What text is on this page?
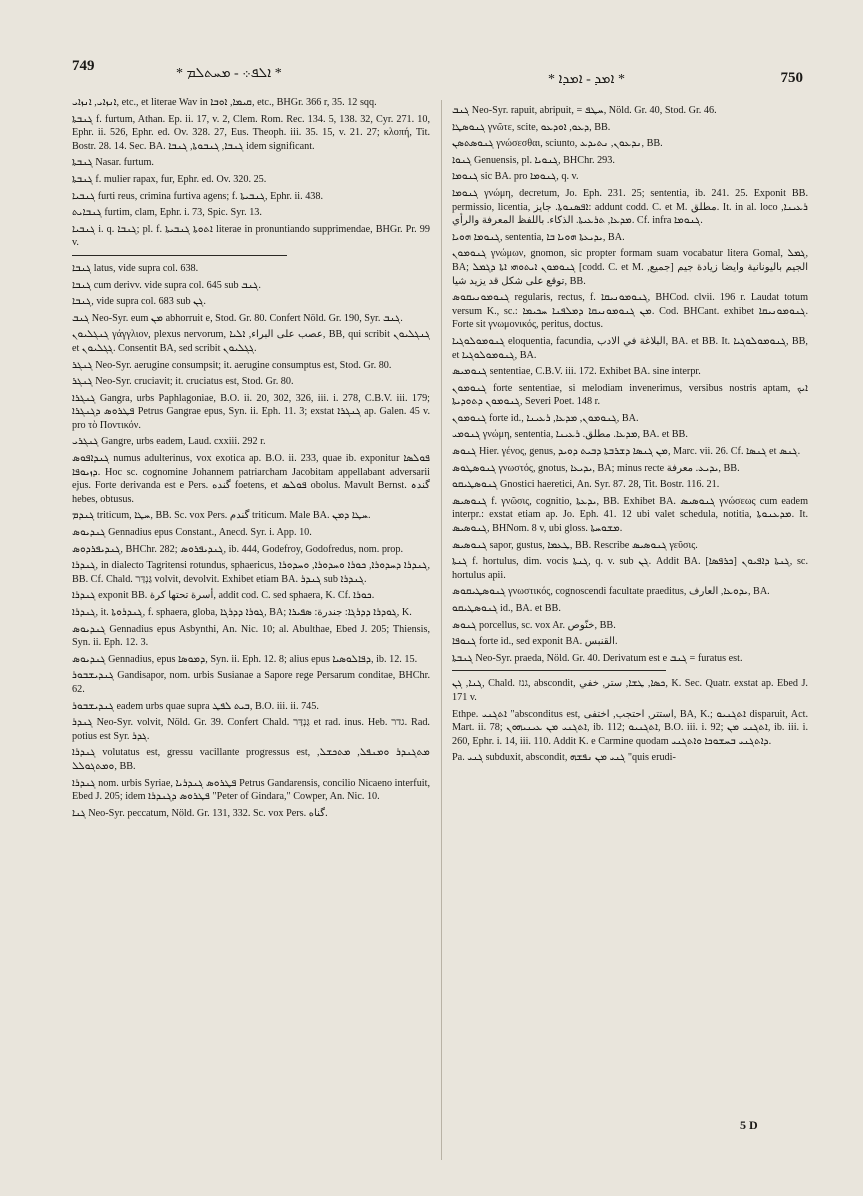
749	* ܐܠܦ܀ - ܡܚܬܠܡ *	* ܐܡܕ - ܐܡܕܐ *	750

ܐܢܙܐܝ, ܐܢܙܐܝ, etc., et literae Wav in ܩܝܡܐ, ܐܘܒܐ, etc., BHGr. 366 r, 35. 12 sqq.

ܓܢܒܬܐ f. furtum, Athan. Ep. ii. 17, v. 2, Clem. Rom. Rec. 134. 5, 138. 32, Cyr. 271. 10, Ephr. ii. 526, Ephr. ed. Ov. 328. 27, Eus. Theoph. iii. 35. 15, v. 21. 27; κλοπή, Tit. Bostr. 28. 14. Sec. BA. ܓܢܒܐ, ܓܢܒܘܬܐ, ܓܢܒܐ idem significant.

ܓܢܒܬܐ Nasar. furtum.

ܓܢܒܬܐ f. mulier rapax, fur, Ephr. ed. Ov. 320. 25.

ܓܢܒܝܐ furti reus, crimina furtiva agens; f. ܓܢܒܝܬܐ, Ephr. ii. 438.

ܓܢܒܐܝܬ furtim, clam, Ephr. i. 73, Spic. Syr. 13.

ܓܢܒܝܐ i. q. ܓܢܒܐ; pl. f. ܐܬܘܬܐ ܓܢܒܝܬܐ literae in pronuntiando supprimendae, BHGr. Pr. 99 v.

ܓܢܒܐ latus, vide supra col. 638.

ܓܢܒܐ cum derivv. vide supra col. 645 sub ܓܢܒ.

ܓܢܒܐ, vide supra col. 683 sub ܓܢ.

ܓܢܒ Neo-Syr. eum ܡܢ abhorruit e, Stod. Gr. 80. Confert Nöld. Gr. 190, Syr. ܓܢܒ.

ܓܢܓܠܝܘܢ γάγγλιον, plexus nervorum, عصب على البراء, ܐܠܝܐ, BB, qui scribit ܓܢܓܠܝܘܢ et ܓܓܠܝܘܢ. Consentit BA, sed scribit ܓܓܠܝܘܢ.

ܓܢܓܪ Neo-Syr. aerugine consumpsit; it. aerugine consumptus est, Stod. Gr. 80.

ܓܢܓܪ Neo-Syr. cruciavit; it. cruciatus est, Stod. Gr. 80.

ܓܢܓܪܐ Gangra, urbs Paphlagoniae, B.O. ii. 20, 302, 326, iii. i. 278, C.B.V. iii. 179; ܦܛܪܘܣ ܕܓܢܓܪܐ Petrus Gangrae epus, Syn. ii. Eph. 11. 3; exstat ܓܢܓܪܐ ap. Galen. 45 v. pro τὸ Ποντικόν.

ܓܢܓܪܝ Gangre, urbs eadem, Laud. cxxiii. 292 r.

ܓܢܕܐܦܘܣ numus adulterinus, vox exotica ap. B.O. ii. 233, quae ib. exponitur ܦܘܠܣܐ ܕܙܝܘܦܐ. Hoc sc. cognomine Johannem patriarcham Jacobitam appellabant adversarii ejus. Forte derivanda est e Pers. گنده foetens, et ܦܘܠܣ obolus. Mavult Bernst. گندہ hebes, obtusus.

ܓܢܕܡ triticum, ܚܛܐ, BB. Sc. vox Pers. گندم triticum. Male BA. ܚܛܐ ܕܡܢ.

ܓܢܕܝܘܣ Gennadius epus Constant., Anecd. Syr. i. App. 10.

ܓܢܕܝܦܪܕܘܣ, BHChr. 282; ܓܢܕܝܦܪܘܣ, ib. 444, Godefroy, Godofredus, nom. prop.

ܓܢܕܪܐ, in dialecto Tagritensi rotundus, sphaericus, ܓܢܕܪܐ ܕܚܕܘܪܐ, ܟܘܪܐ ܘܚܕܘܪܐ, ܘܚܕܘܪܐ, BB. Cf. Chald. גַּנְדַּר volvit, devolvit. Exhibet etiam BA. ܓܢܕܪ sub ܓܢܕܪܐ.

ܓܢܕܪܐ exponit BB. أسرة تحتها كرة, addit cod. C. sed sphaera, K. Cf. ܟܘܪܐ.

ܓܢܕܪܐ, it. ܓܢܕܪܘܬܐ, f. sphaera, globa, ܓܘܪܐ ܕܕܪܓܐ, BA; ܓܘܕܪܐ ܕܕܪܓܐ: جندرة: ܣܦܝܪܐ, K.

ܓܢܕܝܘܣ Gennadius epus Asbynthi, An. Nic. 10; al. Abulthae, Ebed J. 205; Thiensis, Syn. ii. Eph. 12. 3.

ܓܢܕܝܘܣ Gennadius, epus ܕܡܘܣܐ, Syn. ii. Eph. 12. 8; alius epus ܕܦܐܠܘܣܝܐ, ib. 12. 15.

ܓܢܕܝܫܒܘܪ Gandisapor, nom. urbis Susianae a Sapore rege Persarum conditae, BHChr. 62.

ܓܢܕܝܫܒܘܪ eadem urbs quae supra ܒܝܬ ܠܦܛ, B.O. iii. ii. 745.

ܓܢܕܪ Neo-Syr. volvit, Nöld. Gr. 39. Confert Chald. גַּנְדַּר et rad. inus. Heb. גדר. Rad. potius est Syr. ܓܕܪ.

ܓܢܕܪܐ volutatus est, gressu vacillante progressus est, ܡܬܓܢܕܪ ܘܡܢܦܠ, ܡܬܟܫܠ, ܘܡܬܓܘܠܠ, BB.

ܓܢܕܪܐ nom. urbis Syriae, ܦܛܪܘܣ ܓܢܕܪܝܐ Petrus Gandarensis, concilio Nicaeno interfuit, Ebed J. 205; idem ܦܛܪܘܣ ܕܓܢܕܪܐ "Peter of Gindara," Cowper, An. Nic. 10.

ܓܢܐ Neo-Syr. peccatum, Nöld. Gr. 131, 332. Sc. vox Pers. گناه.

ܓܢܒ Neo-Syr. rapuit, abripuit, = ܚܛܦ, Nöld. Gr. 40, Stod. Gr. 46.

ܓܢܘܣܛܐ γνῶτε, scite, ܕܥܘ, ܐܘܕܥܘ, BB.

ܓܢܘܣܬܣܢ γνώσεσθαι, sciunto, ܢܕܥܘܢ, ܢܬܝܕܥ, BB.

ܓܢܘܐ Genuensis, pl. ܓܢܘܝܐ, BHChr. 293.

ܓܢܘܡܐ sic BA. pro ܓܢܘܡܐ, q. v.

ܓܢܘܡܐ γνώμη, decretum, Jo. Eph. 231. 25; sententia, ib. 241. 25. Exponit BB. permissio, licentia, ܐܦܣܢܘܬܐ. جايز: addunt codd. C. et M. مطلق. It. in al. loco ܪܥܝܢܐ, ܡܕܥܐ, ܬܪܥܝܬܐ. الذكاء. باللفظ المعرفة والرأي. Cf. infra ܓܢܘܡܐ.

ܓܢܘܡܐ ܗܘܝܐ, sententia, ܝܕܝܥܬܐ ܗܘܝܐ ܒܐ, BA.

ܓܢܘܡܘܢ γνώμων, gnomon, sic propter formam suam vocabatur litera Gomal, ܓܡܠ, BA; ܓܢܘܡܘܢ ܐܝܬܘܗܝ ܐܬܐ ܕܓܡܠ [codd. C. et M. الجيم باليونانية وايضا زيادة جيم [جميع, توقع على شكل قد يزيد شيا, BB.

ܓܢܘܡܘܢܝܩܘܣ regularis, rectus, f. ܓܢܘܡܘܢܝܩܐ, BHCod. clvii. 196 r. Laudat totum versum K., sc.: ܡܢ ܓܢܘܡܘܢܝܩܐ ܕܡܠܦܢܐ ܚܟܝܡܐ. Cod. BHCant. exhibet ܓܢܘܡܘܢܝܩܐ. Forte sit γνωμονικός, peritus, doctus.

ܓܢܘܡܘܠܘܓܝܐ eloquentia, facundia, البلاغة في الادب, BA. et BB. It. ܓܢܘܡܘܠܘܓܝܐ, BB, et ܓܢܘܡܘܠܘܓܝܐ, BA.

ܓܢܘܡܝܣ sententiae, C.B.V. iii. 172. Exhibet BA. sine interpr.

ܓܢܘܡܘܢ forte sententiae, si melodiam invenerimus, versibus nostris aptam, ܐܝܟ ܓܢܘܡܘܢ ܕܬܘܕܝܬܐ, Severi Poet. 148 r.

ܓܢܘܡܘܢ forte id., ܓܢܘܡܘܢ, ܡܕܥܐ, ܪܥܝܢܐ, BA.

ܓܢܘܡܝ γνώμη, sententia, ܡܕܥܐ. مطلق. ܪܥܝܢܐ, BA. et BB.

ܓܢܘܣ Hier. γένος, genus, ܡܢ ܓܢܣܐ ܕܫܪܒܬܐ ܕܒܝܬ ܕܘܝܕ, Marc. vii. 26. Cf. ܓܢܣܐ et ܓܢܣ.

ܓܢܘܣܛܘܣ γνωστός, gnotus, ܝܕܝܥܐ, BA; minus recte ܝܕܝܥ. معرفة, BB.

ܓܢܘܣܛܝܩܘ Gnostici haeretici, An. Syr. 87. 28, Tit. Bostr. 116. 21.

ܓܢܘܣܝܣ f. γνῶσις, cognitio, ܝܕܥܬܐ, BB. Exhibet BA. ܓܢܘܣܝܣ γνώσεως cum eadem interpr.: exstat etiam ap. Jo. Eph. 41. 12 ubi valet schedula, notitia, ܡܕܥܢܘܬܐ. It. ܓܢܘܣܝܣ, BHNom. 8 v, ubi gloss. ܡܫܘܚܬܐ.

ܓܢܘܣܝܣ sapor, gustus, ܛܥܡܐ, BB. Rescribe ܓܢܘܣܝܣ γεῦσις.

ܓܢܬܐ f. hortulus, dim. vocis ܓܢܬܐ, q. v. sub ܓܢ. Addit BA. ܓܢܬܐ ܕܐܦܝܘܢ [ܟܪܦܣܐ], sc. hortulus apii.

ܓܢܘܣܛܝܩܘܣ γνωστικός, cognoscendi facultate praeditus, ܝܕܘܥܐ, العارف, BA.

ܓܢܘܣܛܝܩܘ id., BA. et BB.

ܓܢܘܣ porcellus, sc. vox Ar. خنّوص, BB.

ܓܢܘܦܐ forte id., sed exponit BA. القنبس.

ܓܢܒܬܐ Neo-Syr. praeda, Nöld. Gr. 40. Derivatum est e ܓܢܒ = furatus est.

ܓܢܐ, ܓܢ, Chald. גנז, abscondit, ܟܣܐ, ܛܫܐ, ستر, خفي, K. Sec. Quatr. exstat ap. Ebed J. 171 v.

Ethpe. ܐܬܓܢܝ "absconditus est, استتر, احتجب, اختفى, BA, K.; ܐܬܓܢܝܘ disparuit, Act. Mart. ii. 78; ܐܬܓܢܝ ܡܢ ܥܝܢܝܗܘܢ, ib. 112; ܐܬܓܢܝܘ, B.O. iii. i. 92; ܐܬܓܢܝ ܡܢ, ib. iii. i. 260, Ephr. i. 14, iii. 110. Addit K. e Carmine quodam ܕܐܬܓܢܝ ܒܚܫܘܟܐ ܘܐܬܓܢܝ.

Pa. ܓܢܝ subduxit, abscondit, ܓܢܝ ܡܢ ܢܦܫܗ "quis erudi-

5 D
